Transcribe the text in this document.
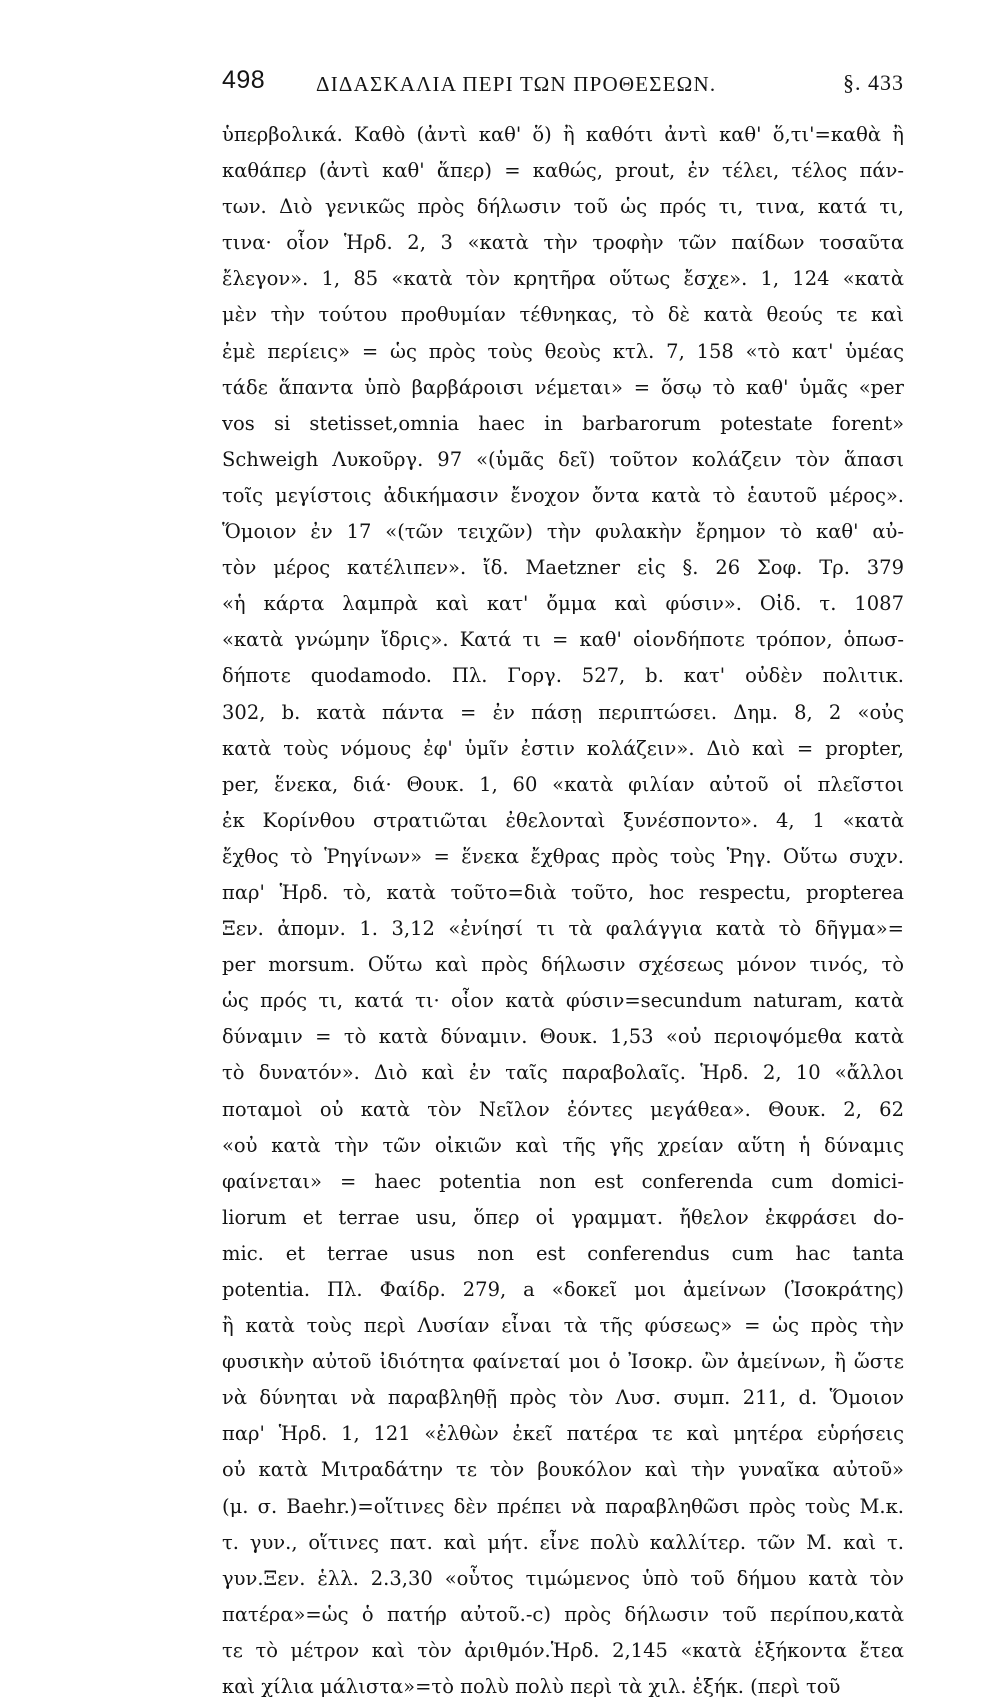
498 ΔΙΔΑΣΚΑΛΙΑ ΠΕΡΙ ΤΩΝ ΠΡΟΘΕΣΕΩΝ.	§. 433
ὑπερβολικά. Καθὸ (ἀντὶ καθ' ὅ) ἢ καθότι ἀντὶ καθ' ὅ,τι'=καθὰ ἢ
καθάπερ (ἀντὶ καθ' ἅπερ) = καθώς, prout, ἐν τέλει, τέλος πάν-
των. Διὸ γενικῶς πρὸς δήλωσιν τοῦ ὡς πρός τι, τινα, κατά τι,
τινα· οἷον Ἡρδ. 2, 3 «κατὰ τὴν τροφὴν τῶν παίδων τοσαῦτα
ἔλεγον». 1, 85 «κατὰ τὸν κρητῆρα οὕτως ἔσχε». 1, 124 «κατὰ
μὲν τὴν τούτου προθυμίαν τέθνηκας, τὸ δὲ κατὰ θεούς τε καὶ
ἐμὲ περίεις» = ὡς πρὸς τοὺς θεοὺς κτλ. 7, 158 «τὸ κατ' ὑμέας
τάδε ἅπαντα ὑπὸ βαρβάροισι νέμεται» = ὅσῳ τὸ καθ' ὑμᾶς «per
vos si stetisset,omnia haec in barbarorum potestate forent»
Schweigh Λυκοῦργ. 97 «(ὑμᾶς δεῖ) τοῦτον κολάζειν τὸν ἅπασι
τοῖς μεγίστοις ἀδικήμασιν ἔνοχον ὄντα κατὰ τὸ ἑαυτοῦ μέρος».
Ὅμοιον ἐν 17 «(τῶν τειχῶν) τὴν φυλακὴν ἔρημον τὸ καθ' αὐ-
τὸν μέρος κατέλιπεν». ἴδ. Maetzner εἰς §. 26 Σοφ. Τρ. 379
«ἡ κάρτα λαμπρὰ καὶ κατ' ὄμμα καὶ φύσιν». Οἰδ. τ. 1087
«κατὰ γνώμην ἴδρις». Κατά τι = καθ' οἱονδήποτε τρόπον, ὁπωσ-
δήποτε quodamodo. Πλ. Γοργ. 527, b. κατ' οὐδὲν πολιτικ.
302, b. κατὰ πάντα = ἐν πάσῃ περιπτώσει. Δημ. 8, 2 «οὐς
κατὰ τοὺς νόμους ἐφ' ὑμῖν ἐστιν κολάζειν». Διὸ καὶ = propter,
per, ἕνεκα, διά· Θουκ. 1, 60 «κατὰ φιλίαν αὐτοῦ οἱ πλεῖστοι
ἐκ Κορίνθου στρατιῶται ἐθελονταὶ ξυνέσποντο». 4, 1 «κατὰ
ἔχθος τὸ Ῥηγίνων» = ἕνεκα ἔχθρας πρὸς τοὺς Ῥηγ. Οὕτω συχν.
παρ' Ἡρδ. τὸ, κατὰ τοῦτο=διὰ τοῦτο, hoc respectu, propterea
Ξεν. ἀπομν. 1. 3,12 «ἐνίησί τι τὰ φαλάγγια κατὰ τὸ δῆγμα»=
per morsum. Οὕτω καὶ πρὸς δήλωσιν σχέσεως μόνον τινός, τὸ
ὡς πρός τι, κατά τι· οἷον κατὰ φύσιν=secundum naturam, κατὰ
δύναμιν = τὸ κατὰ δύναμιν. Θουκ. 1,53 «οὐ περιοψόμεθα κατὰ
τὸ δυνατόν». Διὸ καὶ ἐν ταῖς παραβολαῖς. Ἡρδ. 2, 10 «ἄλλοι
ποταμοὶ οὐ κατὰ τὸν Νεῖλον ἐόντες μεγάθεα». Θουκ. 2, 62
«οὐ κατὰ τὴν τῶν οἰκιῶν καὶ τῆς γῆς χρείαν αὕτη ἡ δύναμις
φαίνεται» = haec potentia non est conferenda cum domici-
liorum et terrae usu, ὅπερ οἱ γραμματ. ἤθελον ἐκφράσει do-
mic. et terrae usus non est conferendus cum hac tanta
potentia. Πλ. Φαίδρ. 279, a «δοκεῖ μοι ἀμείνων (Ἰσοκράτης)
ἢ κατὰ τοὺς περὶ Λυσίαν εἶναι τὰ τῆς φύσεως» = ὡς πρὸς τὴν
φυσικὴν αὐτοῦ ἰδιότητα φαίνεταί μοι ὁ Ἰσοκρ. ὢν ἀμείνων, ἢ ὥστε
νὰ δύνηται νὰ παραβληθῇ πρὸς τὸν Λυσ. συμπ. 211, d. Ὅμοιον
παρ' Ἡρδ. 1, 121 «ἐλθὼν ἐκεῖ πατέρα τε καὶ μητέρα εὑρήσεις
οὐ κατὰ Μιτραδάτην τε τὸν βουκόλον καὶ τὴν γυναῖκα αὐτοῦ»
(μ. σ. Baehr.)=οἵτινες δὲν πρέπει νὰ παραβληθῶσι πρὸς τοὺς Μ.κ.
τ. γυν., οἵτινες πατ. καὶ μήτ. εἶνε πολὺ καλλίτερ. τῶν Μ. καὶ τ.
γυν.Ξεν. ἑλλ. 2.3,30 «οὗτος τιμώμενος ὑπὸ τοῦ δήμου κατὰ τὸν
πατέρα»=ὡς ὁ πατήρ αὐτοῦ.-c) πρὸς δήλωσιν τοῦ περίπου,κατὰ
τε τὸ μέτρον καὶ τὸν ἀριθμόν.Ἡρδ. 2,145 «κατὰ ἑξήκοντα ἔτεα
καὶ χίλια μάλιστα»=τὸ πολὺ πολὺ περὶ τὰ χιλ. ἑξήκ. (περὶ τοῦ
